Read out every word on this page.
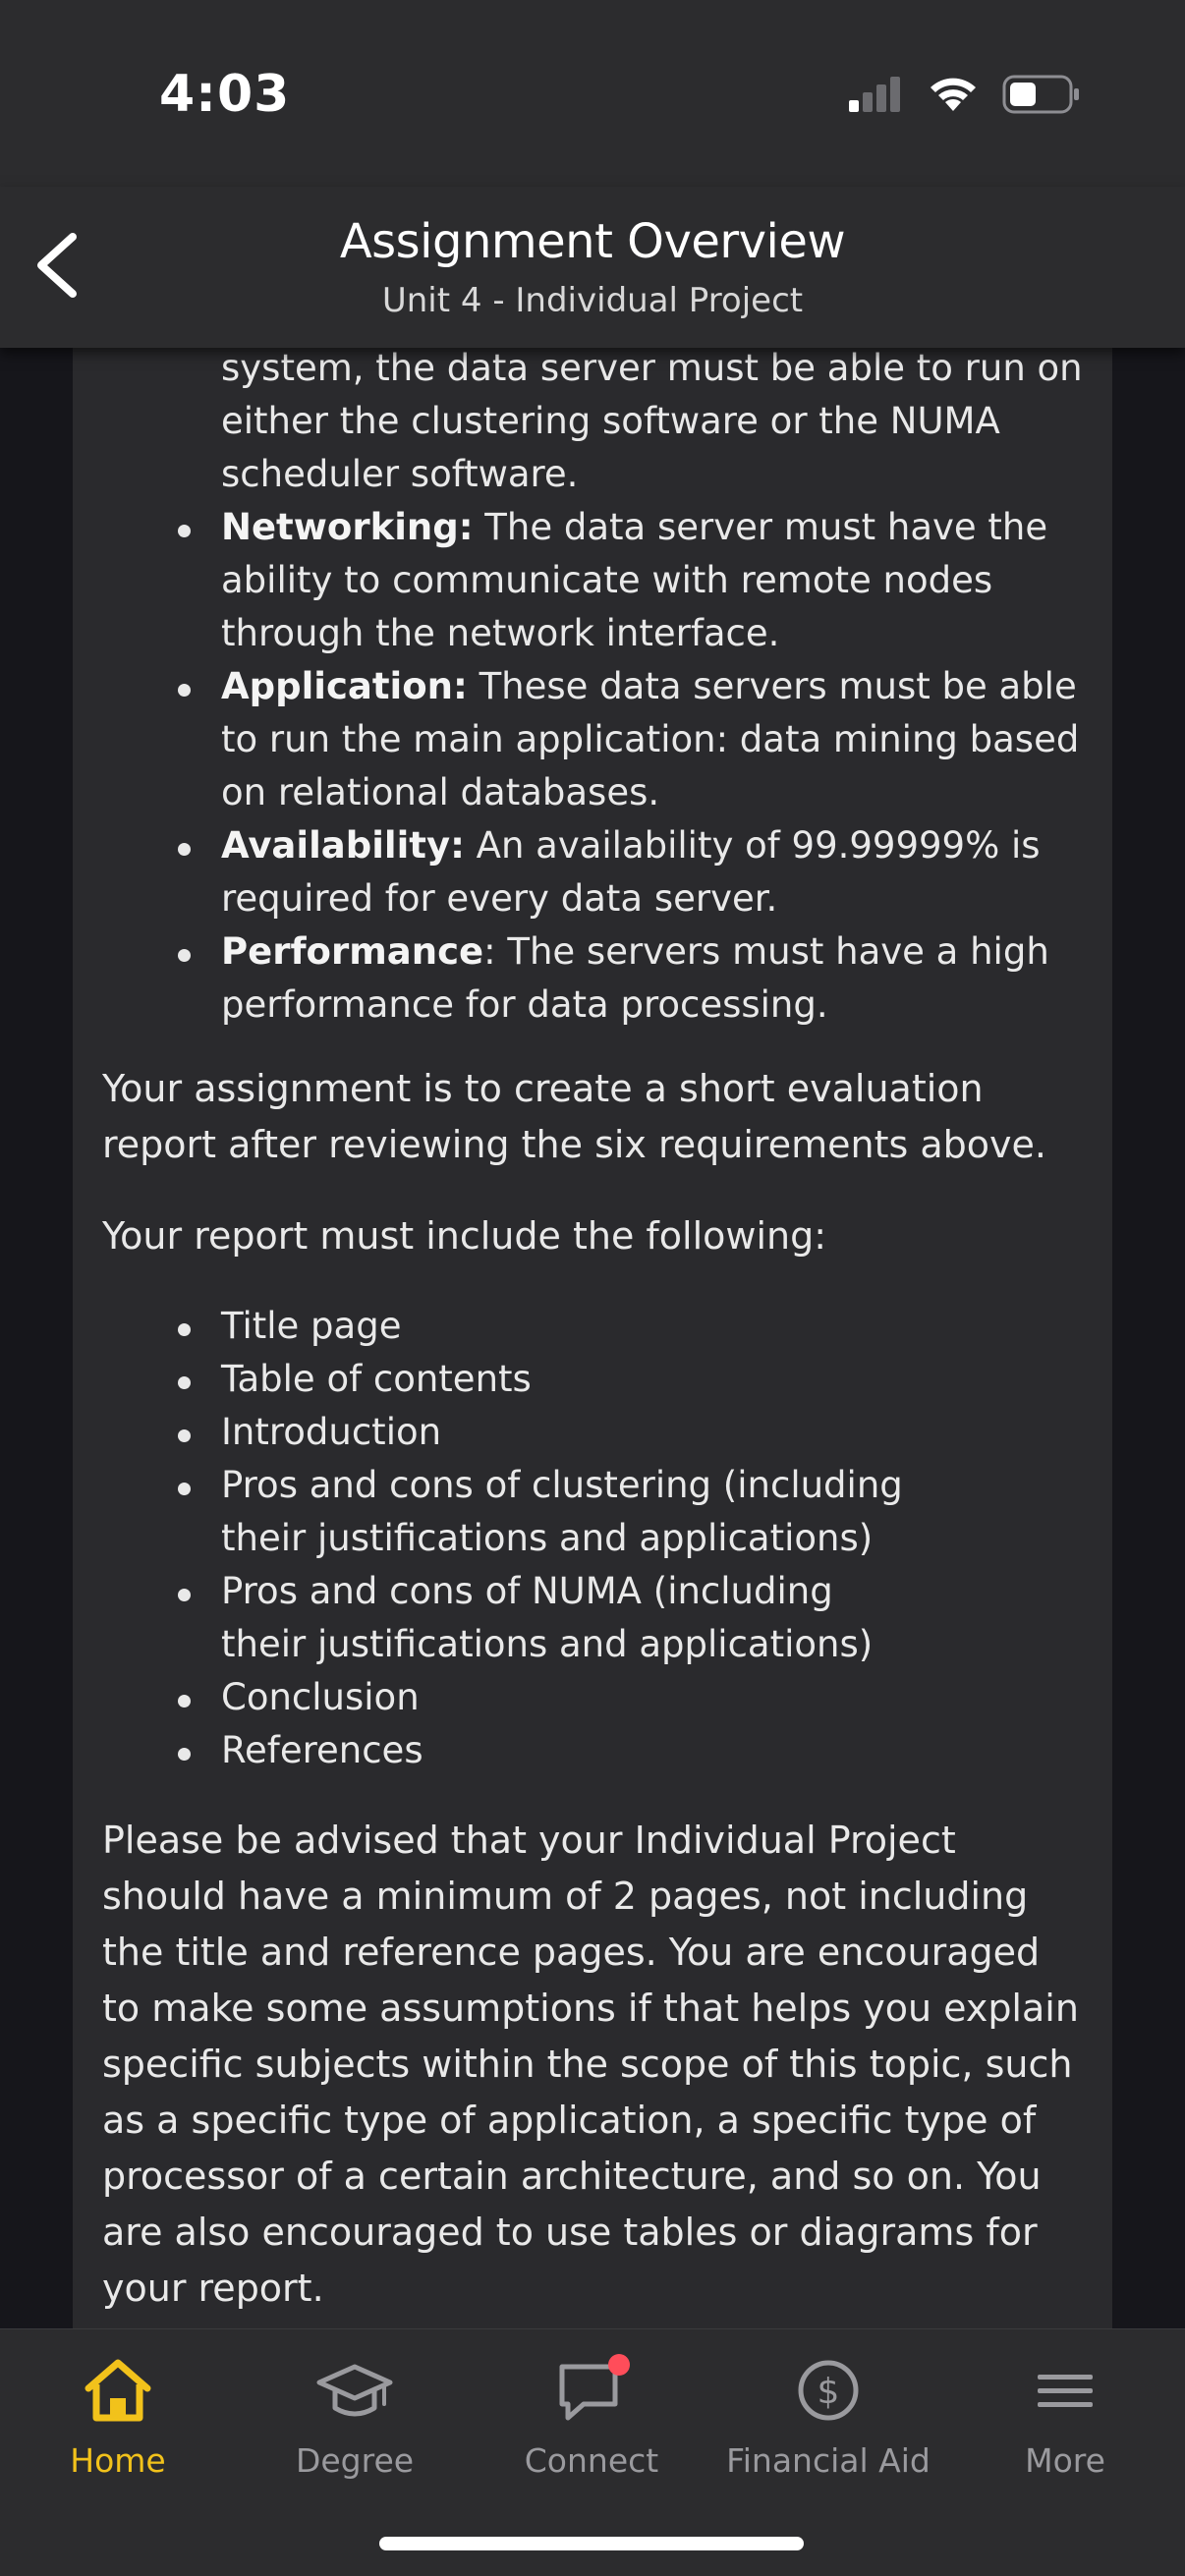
4:03
Assignment Overview
Unit 4 - Individual Project
system, the data server must be able to run on either the clustering software or the NUMA scheduler software.
Networking: The data server must have the ability to communicate with remote nodes through the network interface.
Application: These data servers must be able to run the main application: data mining based on relational databases.
Availability: An availability of 99.99999% is required for every data server.
Performance: The servers must have a high performance for data processing.

Your assignment is to create a short evaluation report after reviewing the six requirements above.

Your report must include the following:

Title page
Table of contents
Introduction
Pros and cons of clustering (including their justifications and applications)
Pros and cons of NUMA (including their justifications and applications)
Conclusion
References

Please be advised that your Individual Project should have a minimum of 2 pages, not including the title and reference pages. You are encouraged to make some assumptions if that helps you explain specific subjects within the scope of this topic, such as a specific type of application, a specific type of processor of a certain architecture, and so on. You are also encouraged to use tables or diagrams for your report.

Home	Degree	Connect
$
Financial Aid	More
